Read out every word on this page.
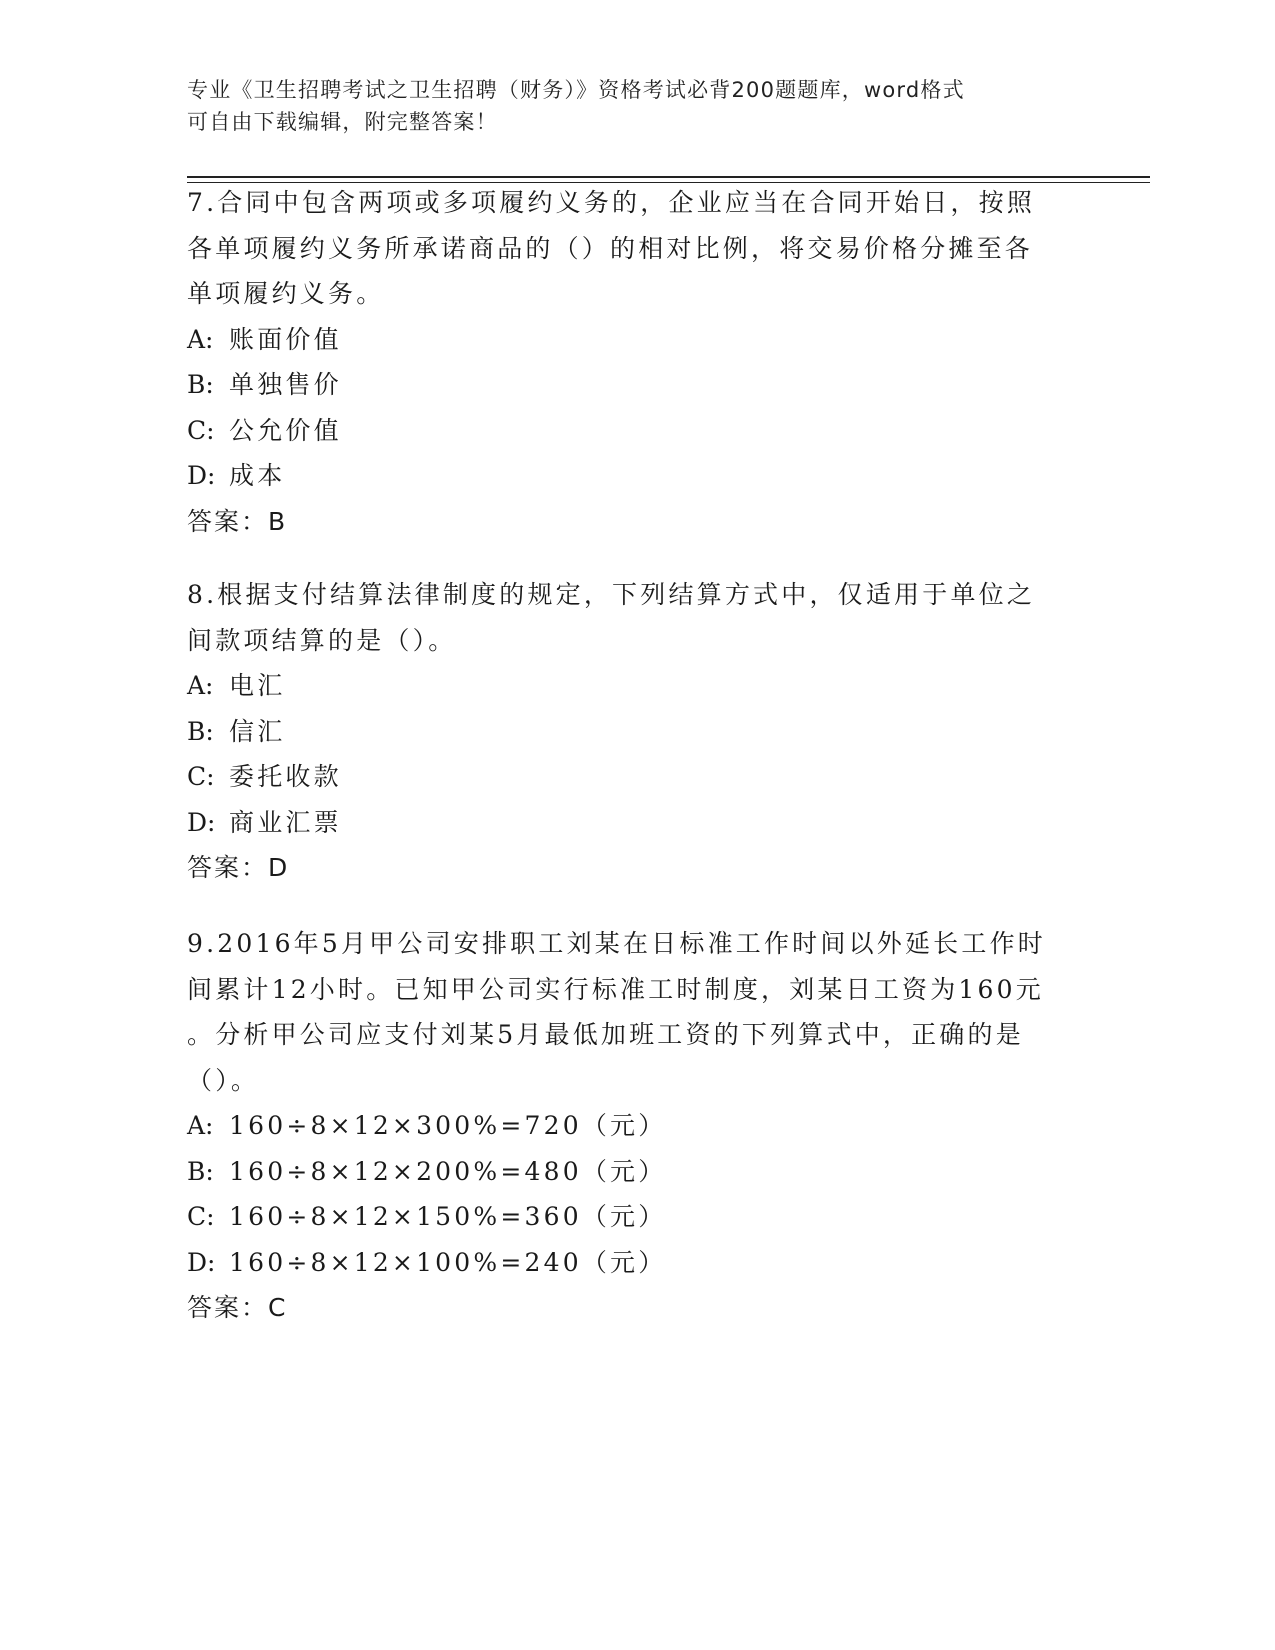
专业《卫生招聘考试之卫生招聘（财务）》资格考试必背200题题库，word格式
可自由下载编辑，附完整答案！
7.合同中包含两项或多项履约义务的，企业应当在合同开始日，按照
各单项履约义务所承诺商品的（）的相对比例，将交易价格分摊至各
单项履约义务。
A: 账面价值
B: 单独售价
C: 公允价值
D: 成本
答案： B
8.根据支付结算法律制度的规定，下列结算方式中，仅适用于单位之
间款项结算的是（）。
A: 电汇
B: 信汇
C: 委托收款
D: 商业汇票
答案： D
9.2016年5月甲公司安排职工刘某在日标准工作时间以外延长工作时
间累计12小时。已知甲公司实行标准工时制度，刘某日工资为160元
。分析甲公司应支付刘某5月最低加班工资的下列算式中，正确的是
（）。
A: 160÷8×12×300%=720（元）
B: 160÷8×12×200%=480（元）
C: 160÷8×12×150%=360（元）
D: 160÷8×12×100%=240（元）
答案： C
